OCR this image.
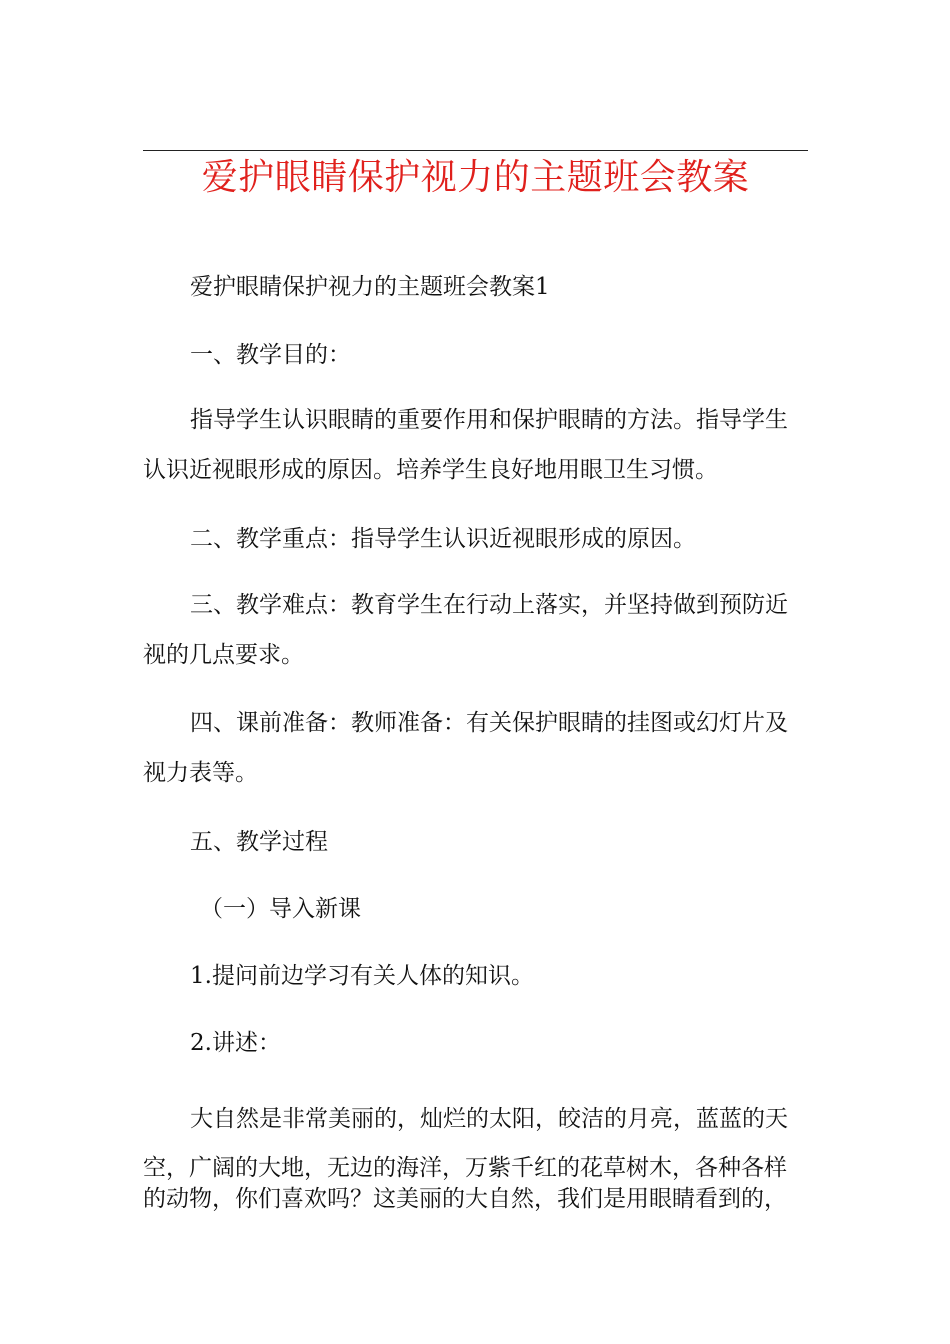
爱护眼睛保护视力的主题班会教案
爱护眼睛保护视力的主题班会教案1
一、教学目的：
指导学生认识眼睛的重要作用和保护眼睛的方法。指导学生
认识近视眼形成的原因。培养学生良好地用眼卫生习惯。
二、教学重点：指导学生认识近视眼形成的原因。
三、教学难点：教育学生在行动上落实，并坚持做到预防近
视的几点要求。
四、课前准备：教师准备：有关保护眼睛的挂图或幻灯片及
视力表等。
五、教学过程
（一）导入新课
1.提问前边学习有关人体的知识。
2.讲述：
大自然是非常美丽的，灿烂的太阳，皎洁的月亮，蓝蓝的天
空，广阔的大地，无边的海洋，万紫千红的花草树木，各种各样
的动物，你们喜欢吗？这美丽的大自然，我们是用眼睛看到的，
